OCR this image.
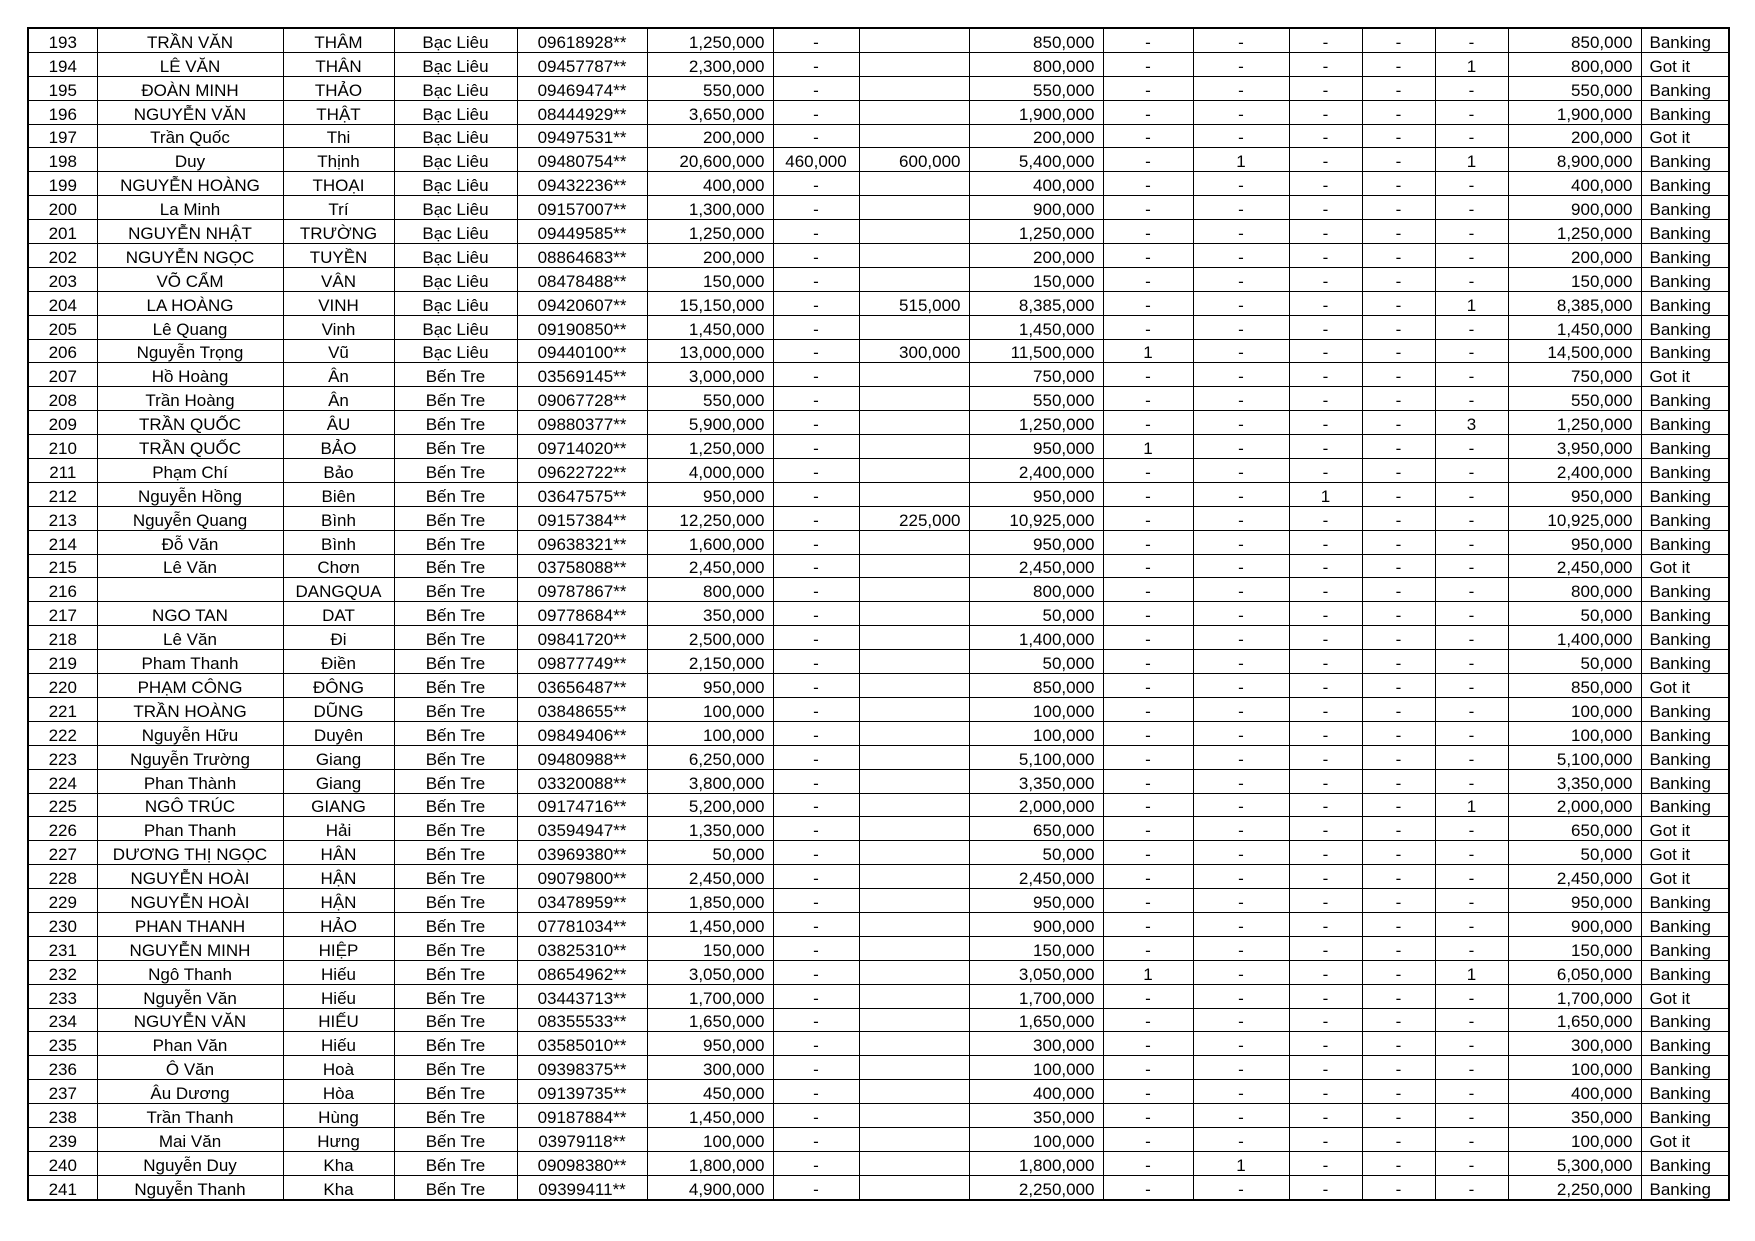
193	TRẦN VĂN	THÂM	Bạc Liêu	09618928**	1,250,000	-		850,000	-	-	-	-	-	850,000	Banking
194	LÊ VĂN	THÂN	Bạc Liêu	09457787**	2,300,000	-		800,000	-	-	-	-	1	800,000	Got it
195	ĐOÀN MINH	THẢO	Bạc Liêu	09469474**	550,000	-		550,000	-	-	-	-	-	550,000	Banking
196	NGUYỄN VĂN	THẬT	Bạc Liêu	08444929**	3,650,000	-		1,900,000	-	-	-	-	-	1,900,000	Banking
197	Trần Quốc	Thi	Bạc Liêu	09497531**	200,000	-		200,000	-	-	-	-	-	200,000	Got it
198	Duy	Thịnh	Bạc Liêu	09480754**	20,600,000	460,000	600,000	5,400,000	-	1	-	-	1	8,900,000	Banking
199	NGUYỄN HOÀNG	THOẠI	Bạc Liêu	09432236**	400,000	-		400,000	-	-	-	-	-	400,000	Banking
200	La Minh	Trí	Bạc Liêu	09157007**	1,300,000	-		900,000	-	-	-	-	-	900,000	Banking
201	NGUYỄN NHẬT	TRƯỜNG	Bạc Liêu	09449585**	1,250,000	-		1,250,000	-	-	-	-	-	1,250,000	Banking
202	NGUYỄN NGỌC	TUYỀN	Bạc Liêu	08864683**	200,000	-		200,000	-	-	-	-	-	200,000	Banking
203	VÕ CẨM	VÂN	Bạc Liêu	08478488**	150,000	-		150,000	-	-	-	-	-	150,000	Banking
204	LA HOÀNG	VINH	Bạc Liêu	09420607**	15,150,000	-	515,000	8,385,000	-	-	-	-	1	8,385,000	Banking
205	Lê Quang	Vinh	Bạc Liêu	09190850**	1,450,000	-		1,450,000	-	-	-	-	-	1,450,000	Banking
206	Nguyễn Trọng	Vũ	Bạc Liêu	09440100**	13,000,000	-	300,000	11,500,000	1	-	-	-	-	14,500,000	Banking
207	Hồ Hoàng	Ân	Bến Tre	03569145**	3,000,000	-		750,000	-	-	-	-	-	750,000	Got it
208	Trần Hoàng	Ân	Bến Tre	09067728**	550,000	-		550,000	-	-	-	-	-	550,000	Banking
209	TRẦN QUỐC	ÂU	Bến Tre	09880377**	5,900,000	-		1,250,000	-	-	-	-	3	1,250,000	Banking
210	TRẦN QUỐC	BẢO	Bến Tre	09714020**	1,250,000	-		950,000	1	-	-	-	-	3,950,000	Banking
211	Phạm Chí	Bảo	Bến Tre	09622722**	4,000,000	-		2,400,000	-	-	-	-	-	2,400,000	Banking
212	Nguyễn Hồng	Biên	Bến Tre	03647575**	950,000	-		950,000	-	-	1	-	-	950,000	Banking
213	Nguyễn Quang	Bình	Bến Tre	09157384**	12,250,000	-	225,000	10,925,000	-	-	-	-	-	10,925,000	Banking
214	Đỗ Văn	Bình	Bến Tre	09638321**	1,600,000	-		950,000	-	-	-	-	-	950,000	Banking
215	Lê Văn	Chơn	Bến Tre	03758088**	2,450,000	-		2,450,000	-	-	-	-	-	2,450,000	Got it
216		DANGQUA	Bến Tre	09787867**	800,000	-		800,000	-	-	-	-	-	800,000	Banking
217	NGO TAN	DAT	Bến Tre	09778684**	350,000	-		50,000	-	-	-	-	-	50,000	Banking
218	Lê Văn	Đi	Bến Tre	09841720**	2,500,000	-		1,400,000	-	-	-	-	-	1,400,000	Banking
219	Pham Thanh	Điền	Bến Tre	09877749**	2,150,000	-		50,000	-	-	-	-	-	50,000	Banking
220	PHẠM CÔNG	ĐÔNG	Bến Tre	03656487**	950,000	-		850,000	-	-	-	-	-	850,000	Got it
221	TRẦN HOÀNG	DŨNG	Bến Tre	03848655**	100,000	-		100,000	-	-	-	-	-	100,000	Banking
222	Nguyễn Hữu	Duyên	Bến Tre	09849406**	100,000	-		100,000	-	-	-	-	-	100,000	Banking
223	Nguyễn Trường	Giang	Bến Tre	09480988**	6,250,000	-		5,100,000	-	-	-	-	-	5,100,000	Banking
224	Phan Thành	Giang	Bến Tre	03320088**	3,800,000	-		3,350,000	-	-	-	-	-	3,350,000	Banking
225	NGÔ TRÚC	GIANG	Bến Tre	09174716**	5,200,000	-		2,000,000	-	-	-	-	1	2,000,000	Banking
226	Phan Thanh	Hải	Bến Tre	03594947**	1,350,000	-		650,000	-	-	-	-	-	650,000	Got it
227	DƯƠNG THỊ NGỌC	HÂN	Bến Tre	03969380**	50,000	-		50,000	-	-	-	-	-	50,000	Got it
228	NGUYỄN HOÀI	HẬN	Bến Tre	09079800**	2,450,000	-		2,450,000	-	-	-	-	-	2,450,000	Got it
229	NGUYỄN HOÀI	HẬN	Bến Tre	03478959**	1,850,000	-		950,000	-	-	-	-	-	950,000	Banking
230	PHAN THANH	HẢO	Bến Tre	07781034**	1,450,000	-		900,000	-	-	-	-	-	900,000	Banking
231	NGUYỄN MINH	HIỆP	Bến Tre	03825310**	150,000	-		150,000	-	-	-	-	-	150,000	Banking
232	Ngô Thanh	Hiếu	Bến Tre	08654962**	3,050,000	-		3,050,000	1	-	-	-	1	6,050,000	Banking
233	Nguyễn Văn	Hiếu	Bến Tre	03443713**	1,700,000	-		1,700,000	-	-	-	-	-	1,700,000	Got it
234	NGUYỄN VĂN	HIẾU	Bến Tre	08355533**	1,650,000	-		1,650,000	-	-	-	-	-	1,650,000	Banking
235	Phan Văn	Hiếu	Bến Tre	03585010**	950,000	-		300,000	-	-	-	-	-	300,000	Banking
236	Ô Văn	Hoà	Bến Tre	09398375**	300,000	-		100,000	-	-	-	-	-	100,000	Banking
237	Âu Dương	Hòa	Bến Tre	09139735**	450,000	-		400,000	-	-	-	-	-	400,000	Banking
238	Trần Thanh	Hùng	Bến Tre	09187884**	1,450,000	-		350,000	-	-	-	-	-	350,000	Banking
239	Mai Văn	Hưng	Bến Tre	03979118**	100,000	-		100,000	-	-	-	-	-	100,000	Got it
240	Nguyễn Duy	Kha	Bến Tre	09098380**	1,800,000	-		1,800,000	-	1	-	-	-	5,300,000	Banking
241	Nguyễn Thanh	Kha	Bến Tre	09399411**	4,900,000	-		2,250,000	-	-	-	-	-	2,250,000	Banking
